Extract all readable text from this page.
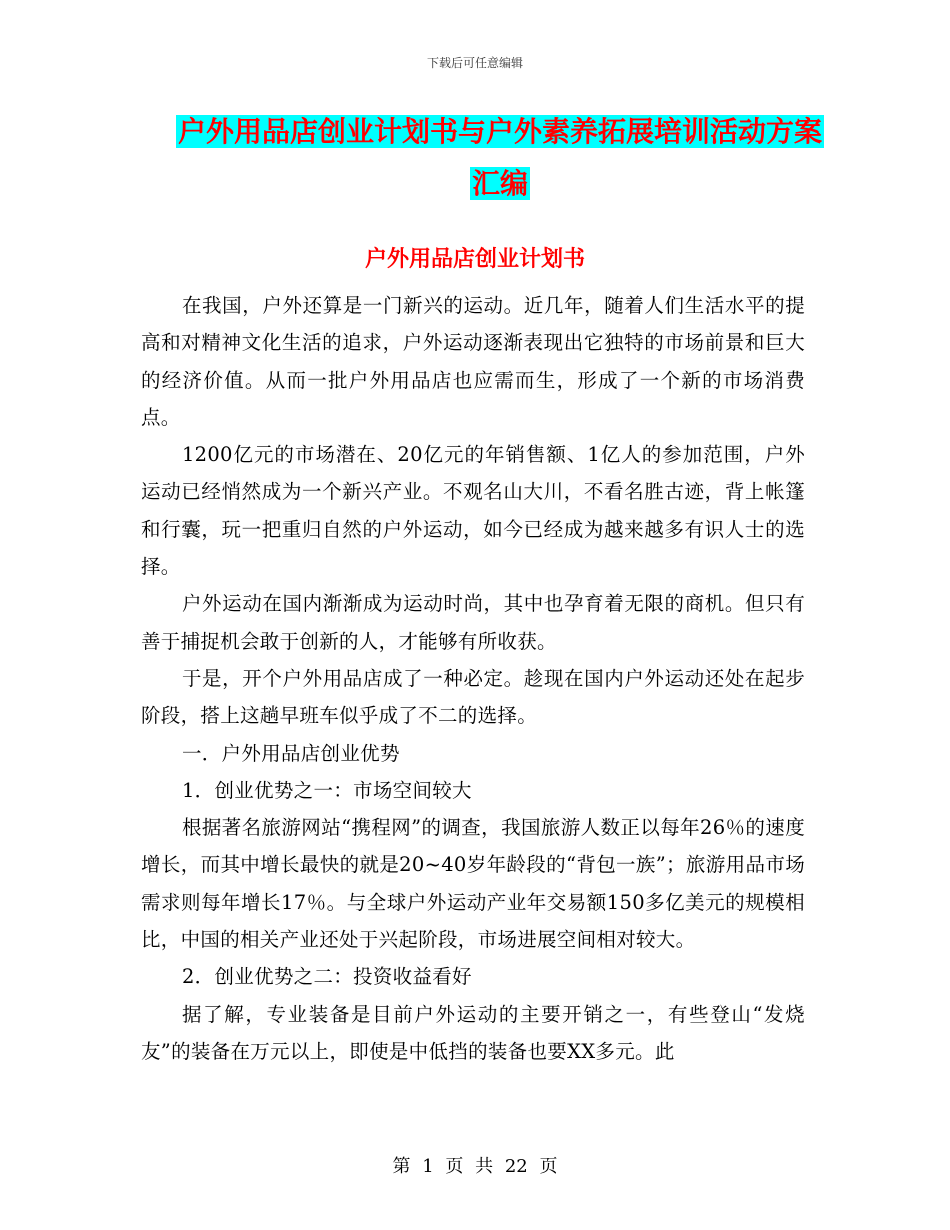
下载后可任意编辑
户外用品店创业计划书与户外素养拓展培训活动方案
汇编
户外用品店创业计划书

在我国，户外还算是一门新兴的运动。近几年，随着人们生活水平的提高和对精神文化生活的追求，户外运动逐渐表现出它独特的市场前景和巨大的经济价值。从而一批户外用品店也应需而生，形成了一个新的市场消费点。

1200亿元的市场潜在、20亿元的年销售额、1亿人的参加范围，户外运动已经悄然成为一个新兴产业。不观名山大川，不看名胜古迹，背上帐篷和行囊，玩一把重归自然的户外运动，如今已经成为越来越多有识人士的选择。

户外运动在国内渐渐成为运动时尚，其中也孕育着无限的商机。但只有善于捕捉机会敢于创新的人，才能够有所收获。

于是，开个户外用品店成了一种必定。趁现在国内户外运动还处在起步阶段，搭上这趟早班车似乎成了不二的选择。

一．户外用品店创业优势

1．创业优势之一：市场空间较大

根据著名旅游网站“携程网”的调查，我国旅游人数正以每年26％的速度增长，而其中增长最快的就是20~40岁年龄段的“背包一族”；旅游用品市场需求则每年增长17％。与全球户外运动产业年交易额150多亿美元的规模相比，中国的相关产业还处于兴起阶段，市场进展空间相对较大。

2．创业优势之二：投资收益看好

据了解，专业装备是目前户外运动的主要开销之一，有些登山“发烧友”的装备在万元以上，即使是中低挡的装备也要XX多元。此

第 1 页 共 22 页
